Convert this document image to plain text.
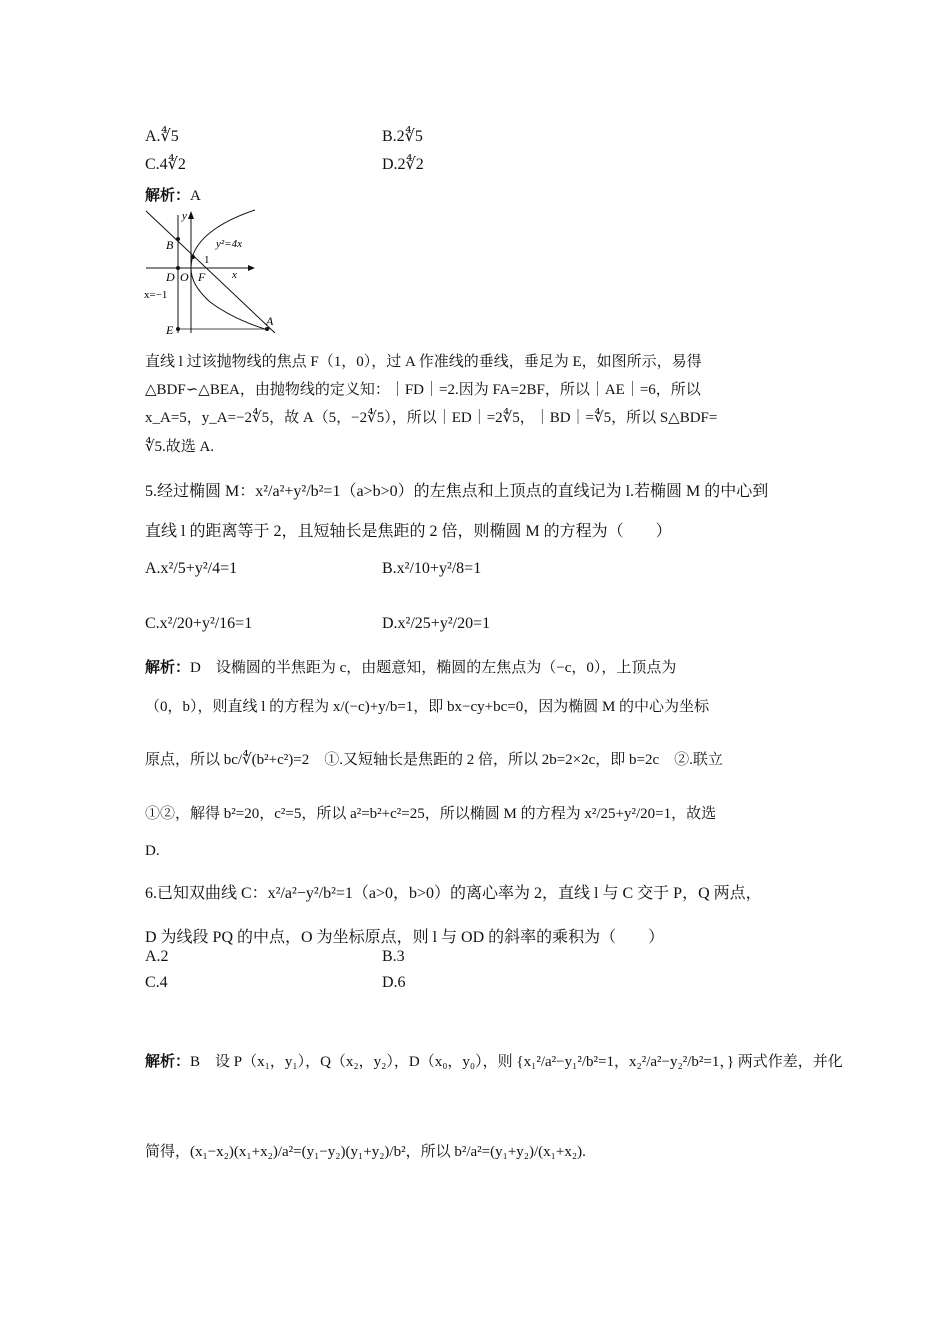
A.∜5	B.2∜5
C.4∜2	D.2∜2
解析：A
y
x
y²=4x
B
1
D O F
x=−1
E
A
直线 l 过该抛物线的焦点 F（1，0），过 A 作准线的垂线，垂足为 E，如图所示，易得
△BDF∽△BEA，由抛物线的定义知：｜FD｜=2.因为 FA=2BF，所以｜AE｜=6，所以
x_A=5，y_A=−2∜5，故 A（5，−2∜5），所以｜ED｜=2∜5，｜BD｜=∜5，所以 S△BDF=
∜5.故选 A.
5.经过椭圆 M：x²/a²+y²/b²=1（a>b>0）的左焦点和上顶点的直线记为 l.若椭圆 M 的中心到
直线 l 的距离等于 2，且短轴长是焦距的 2 倍，则椭圆 M 的方程为（　　）
A.x²/5+y²/4=1	B.x²/10+y²/8=1
C.x²/20+y²/16=1	D.x²/25+y²/20=1
解析：D　设椭圆的半焦距为 c，由题意知，椭圆的左焦点为（−c，0），上顶点为
（0，b），则直线 l 的方程为 x/(−c)+y/b=1，即 bx−cy+bc=0，因为椭圆 M 的中心为坐标
原点，所以 bc/∜(b²+c²)=2　①.又短轴长是焦距的 2 倍，所以 2b=2×2c，即 b=2c　②.联立
①②，解得 b²=20，c²=5，所以 a²=b²+c²=25，所以椭圆 M 的方程为 x²/25+y²/20=1，故选
D.
6.已知双曲线 C：x²/a²−y²/b²=1（a>0，b>0）的离心率为 2，直线 l 与 C 交于 P，Q 两点，
D 为线段 PQ 的中点，O 为坐标原点，则 l 与 OD 的斜率的乘积为（　　）
A.2	B.3
C.4	D.6
解析：B　设 P（x₁，y₁），Q（x₂，y₂），D（x₀，y₀），则 {x₁²/a²−y₁²/b²=1，x₂²/a²−y₂²/b²=1，} 两式作差，并化
简得，(x₁−x₂)(x₁+x₂)/a²=(y₁−y₂)(y₁+y₂)/b²，所以 b²/a²=(y₁+y₂)/(x₁+x₂).
